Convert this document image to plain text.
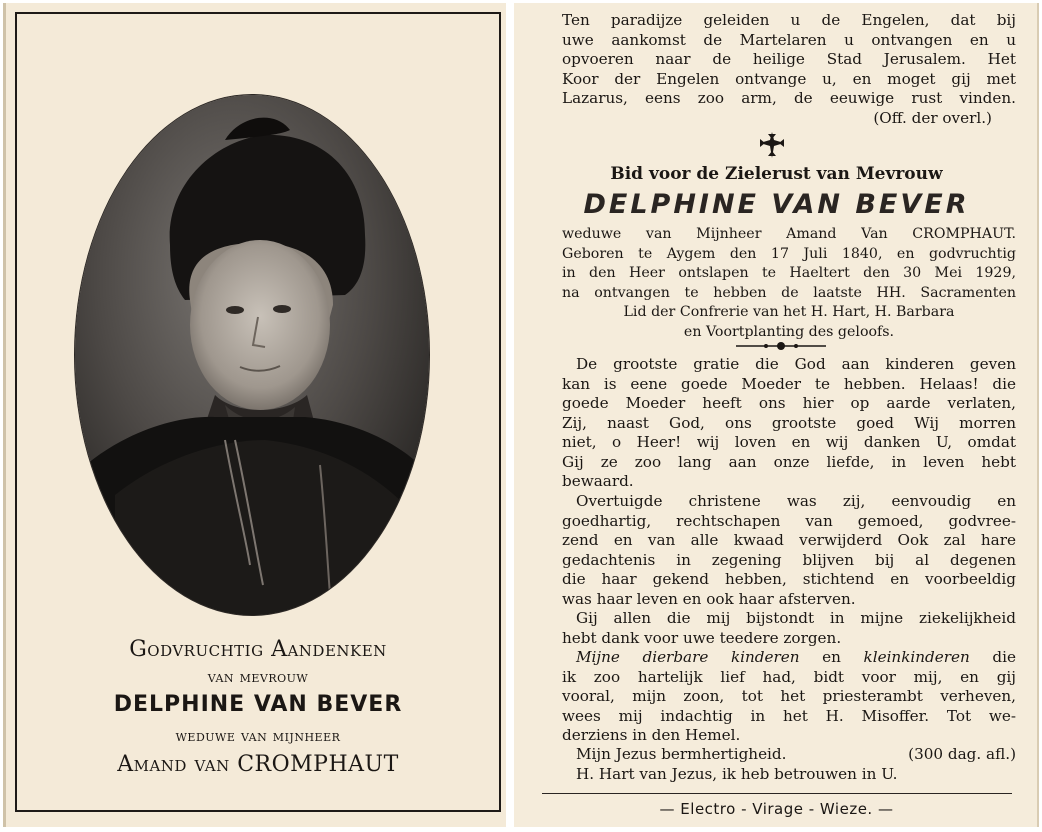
Godvruchtig Aandenken
van mevrouw
DELPHINE VAN BEVER
weduwe van mijnheer
Amand van CROMPHAUT
Ten paradijze geleiden u de Engelen, dat bij
uwe aankomst de Martelaren u ontvangen en u
opvoeren naar de heilige Stad Jerusalem. Het
Koor der Engelen ontvange u, en moget gij met
Lazarus, eens zoo arm, de eeuwige rust vinden.
(Off. der overl.)
Bid voor de Zielerust van Mevrouw
DELPHINE VAN BEVER
weduwe van Mijnheer Amand Van CROMPHAUT.
Geboren te Aygem den 17 Juli 1840, en godvruchtig
in den Heer ontslapen te Haeltert den 30 Mei 1929,
na ontvangen te hebben de laatste HH. Sacramenten
Lid der Confrerie van het H. Hart, H. Barbara
en Voortplanting des geloofs.
De grootste gratie die God aan kinderen geven
kan is eene goede Moeder te hebben. Helaas! die
goede Moeder heeft ons hier op aarde verlaten,
Zij, naast God, ons grootste goed Wij morren
niet, o Heer! wij loven en wij danken U, omdat
Gij ze zoo lang aan onze liefde, in leven hebt
bewaard.
Overtuigde christene was zij, eenvoudig en
goedhartig, rechtschapen van gemoed, godvree-
zend en van alle kwaad verwijderd Ook zal hare
gedachtenis in zegening blijven bij al degenen
die haar gekend hebben, stichtend en voorbeeldig
was haar leven en ook haar afsterven.
Gij allen die mij bijstondt in mijne ziekelijkheid
hebt dank voor uwe teedere zorgen.
Mijne dierbare kinderen en kleinkinderen die
ik zoo hartelijk lief had, bidt voor mij, en gij
vooral, mijn zoon, tot het priesterambt verheven,
wees mij indachtig in het H. Misoffer. Tot we-
derziens in den Hemel.
Mijn Jezus bermhertigheid.	(300 dag. afl.)
H. Hart van Jezus, ik heb betrouwen in U.
— Electro - Virage - Wieze. —
